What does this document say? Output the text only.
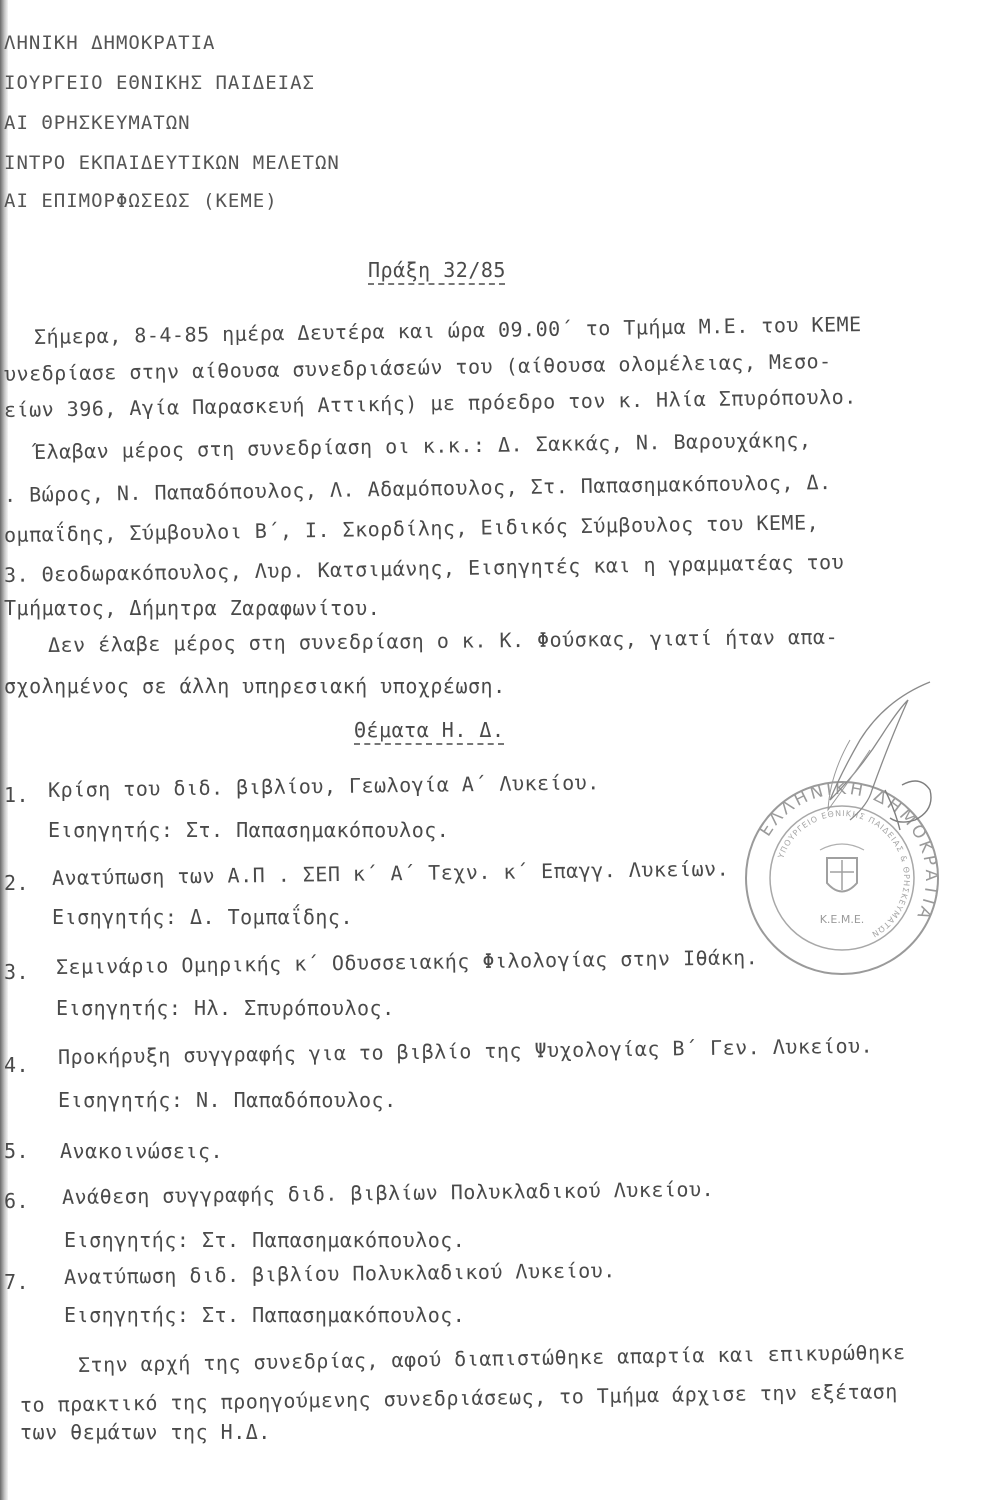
ΛΗΝΙΚΗ ΔΗΜΟΚΡΑΤΙΑ
ΙΟΥΡΓΕΙΟ ΕΘΝΙΚΗΣ ΠΑΙΔΕΙΑΣ
ΑΙ ΘΡΗΣΚΕΥΜΑΤΩΝ
ΙΝΤΡΟ ΕΚΠΑΙΔΕΥΤΙΚΩΝ ΜΕΛΕΤΩΝ
ΑΙ ΕΠΙΜΟΡΦΩΣΕΩΣ (ΚΕΜΕ)
Πράξη 32/85
Σήμερα, 8-4-85 ημέρα Δευτέρα και ώρα 09.00΄ το Τμήμα Μ.Ε. του ΚΕΜΕ
υνεδρίασε στην αίθουσα συνεδριάσεών του (αίθουσα ολομέλειας, Μεσο-
είων 396, Αγία Παρασκευή Αττικής) με πρόεδρο τον κ. Ηλία Σπυρόπουλο.
Έλαβαν μέρος στη συνεδρίαση οι κ.κ.: Δ. Σακκάς, Ν. Βαρουχάκης,
. Βώρος, Ν. Παπαδόπουλος, Λ. Αδαμόπουλος, Στ. Παπασημακόπουλος, Δ.
ομπαΐδης, Σύμβουλοι Β΄, Ι. Σκορδίλης, Ειδικός Σύμβουλος του ΚΕΜΕ,
3. Θεοδωρακόπουλος, Λυρ. Κατσιμάνης, Εισηγητές και η γραμματέας του
Τμήματος, Δήμητρα Ζαραφωνίτου.
Δεν έλαβε μέρος στη συνεδρίαση ο κ. Κ. Φούσκας, γιατί ήταν απα-
σχολημένος σε άλλη υπηρεσιακή υποχρέωση.
Θέματα Η. Δ.
1. Κρίση του διδ. βιβλίου, Γεωλογία Α΄ Λυκείου.
Εισηγητής: Στ. Παπασημακόπουλος.
2. Ανατύπωση των Α.Π . ΣΕΠ κ΄ Α΄ Τεχν. κ΄ Επαγγ. Λυκείων.
Εισηγητής: Δ. Τομπαΐδης.
3. Σεμινάριο Ομηρικής κ΄ Οδυσσειακής Φιλολογίας στην Ιθάκη.
Εισηγητής: Ηλ. Σπυρόπουλος.
4. Προκήρυξη συγγραφής για το βιβλίο της Ψυχολογίας Β΄ Γεν. Λυκείου.
Εισηγητής: Ν. Παπαδόπουλος.
5. Ανακοινώσεις.
6. Ανάθεση συγγραφής διδ. βιβλίων Πολυκλαδικού Λυκείου.
Εισηγητής: Στ. Παπασημακόπουλος.
7. Ανατύπωση διδ. βιβλίου Πολυκλαδικού Λυκείου.
Εισηγητής: Στ. Παπασημακόπουλος.
Στην αρχή της συνεδρίας, αφού διαπιστώθηκε απαρτία και επικυρώθηκε
το πρακτικό της προηγούμενης συνεδριάσεως, το Τμήμα άρχισε την εξέταση
των θεμάτων της Η.Δ.
ΕΛΛΗΝΙΚΗ ΔΗΜΟΚΡΑΤΙΑ
ΥΠΟΥΡΓΕΙΟ ΕΘΝΙΚΗΣ ΠΑΙΔΕΙΑΣ & ΘΡΗΣΚΕΥΜΑΤΩΝ
Κ.Ε.Μ.Ε.
